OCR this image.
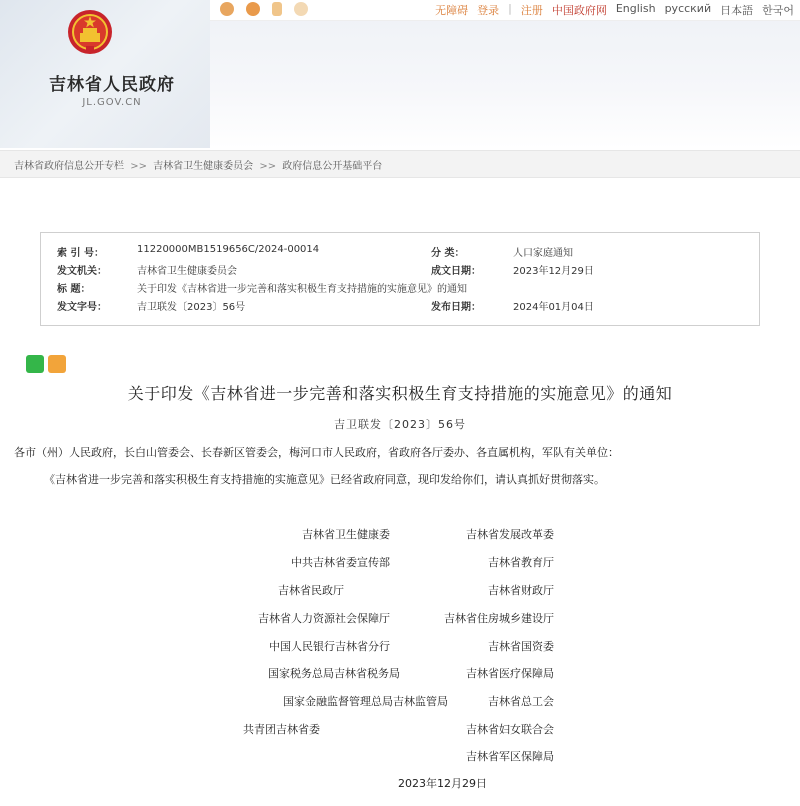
吉林省人民政府
JL.GOV.CN
无障碍 登录 | 注册 中国政府网 English русский 日本語 한국어
吉林省政府信息公开专栏 >> 吉林省卫生健康委员会 >> 政府信息公开基础平台
索 引 号：	11220000MB1519656C/2024-00014	分 类：	人口家庭通知
发文机关：	吉林省卫生健康委员会	成文日期：	2023年12月29日
标 题：	关于印发《吉林省进一步完善和落实积极生育支持措施的实施意见》的通知
发文字号：	吉卫联发〔2023〕56号	发布日期：	2024年01月04日
关于印发《吉林省进一步完善和落实积极生育支持措施的实施意见》的通知
吉卫联发〔2023〕56号
各市（州）人民政府，长白山管委会、长春新区管委会，梅河口市人民政府，省政府各厅委办、各直属机构，军队有关单位：
《吉林省进一步完善和落实积极生育支持措施的实施意见》已经省政府同意，现印发给你们，请认真抓好贯彻落实。
吉林省卫生健康委	吉林省发展改革委
中共吉林省委宣传部	吉林省教育厅
吉林省民政厅	吉林省财政厅
吉林省人力资源社会保障厅	吉林省住房城乡建设厅
中国人民银行吉林省分行	吉林省国资委
国家税务总局吉林省税务局	吉林省医疗保障局
国家金融监督管理总局吉林监管局	吉林省总工会
共青团吉林省委	吉林省妇女联合会
吉林省军区保障局
2023年12月29日
